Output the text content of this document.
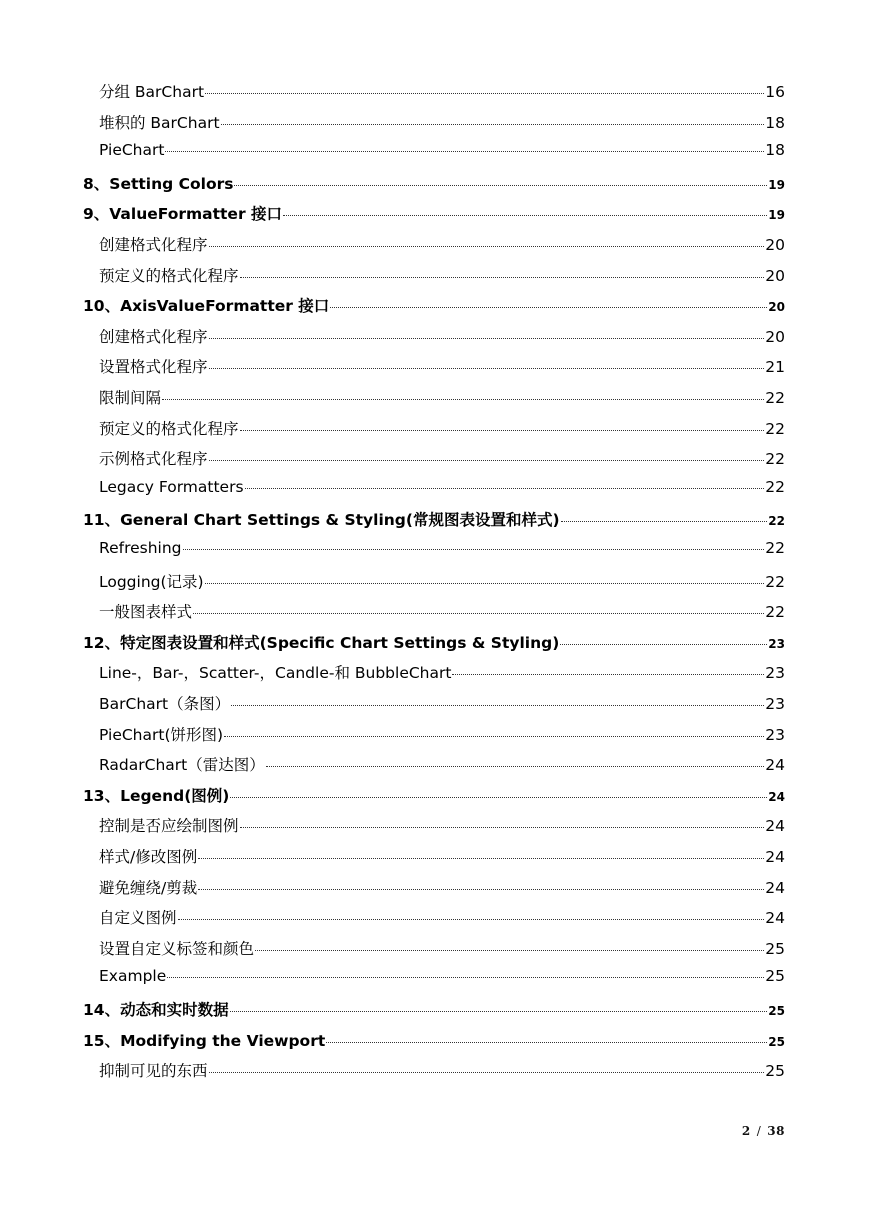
分组 BarChart	16
堆积的 BarChart	18
PieChart	18
8、Setting Colors	19
9、ValueFormatter 接口	19
创建格式化程序	20
预定义的格式化程序	20
10、AxisValueFormatter 接口	20
创建格式化程序	20
设置格式化程序	21
限制间隔	22
预定义的格式化程序	22
示例格式化程序	22
Legacy Formatters	22
11、General Chart Settings & Styling(常规图表设置和样式)	22
Refreshing	22
Logging(记录)	22
一般图表样式	22
12、特定图表设置和样式(Specific Chart Settings & Styling)	23
Line-，Bar-，Scatter-，Candle-和 BubbleChart	23
BarChart（条图）	23
PieChart(饼形图)	23
RadarChart（雷达图）	24
13、Legend(图例)	24
控制是否应绘制图例	24
样式/修改图例	24
避免缠绕/剪裁	24
自定义图例	24
设置自定义标签和颜色	25
Example	25
14、动态和实时数据	25
15、Modifying the Viewport	25
抑制可见的东西	25
2 / 38
